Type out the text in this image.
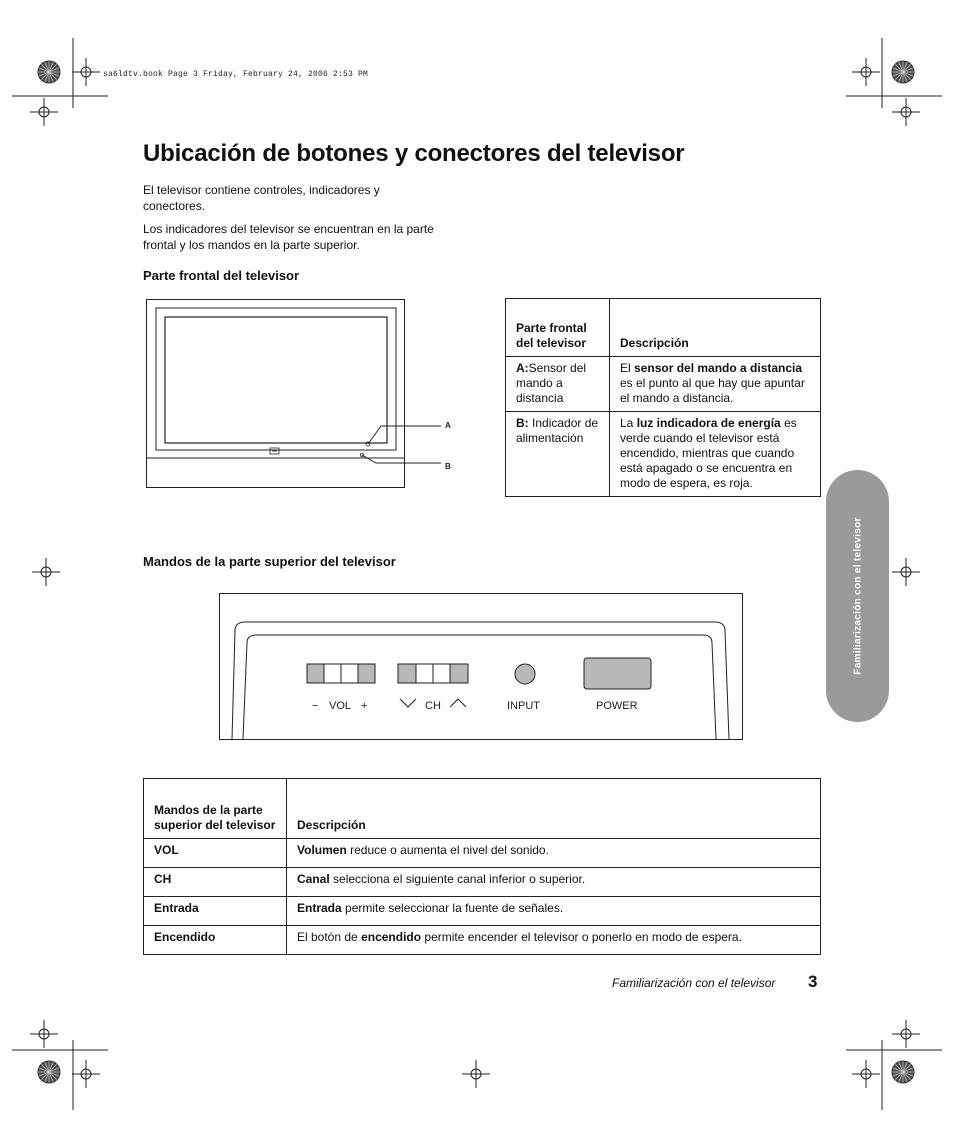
sa6ldtv.book Page 3 Friday, February 24, 2006 2:53 PM
Ubicación de botones y conectores del televisor

El televisor contiene controles, indicadores y conectores.

Los indicadores del televisor se encuentran en la parte frontal y los mandos en la parte superior.

Parte frontal del televisor
A
B
Parte frontal del televisor	Descripción
A:Sensor del mando a distancia	El sensor del mando a distancia es el punto al que hay que apuntar el mando a distancia.
B: Indicador de alimentación	La luz indicadora de energía es verde cuando el televisor está encendido, mientras que cuando está apagado o se encuentra en modo de espera, es roja.
Mandos de la parte superior del televisor
− VOL +	CH	INPUT	POWER
Mandos de la parte superior del televisor	Descripción
VOL	Volumen reduce o aumenta el nivel del sonido.
CH	Canal selecciona el siguiente canal inferior o superior.
Entrada	Entrada permite seleccionar la fuente de señales.
Encendido	El botón de encendido permite encender el televisor o ponerlo en modo de espera.
Familiarización con el televisor
Familiarización con el televisor 3
